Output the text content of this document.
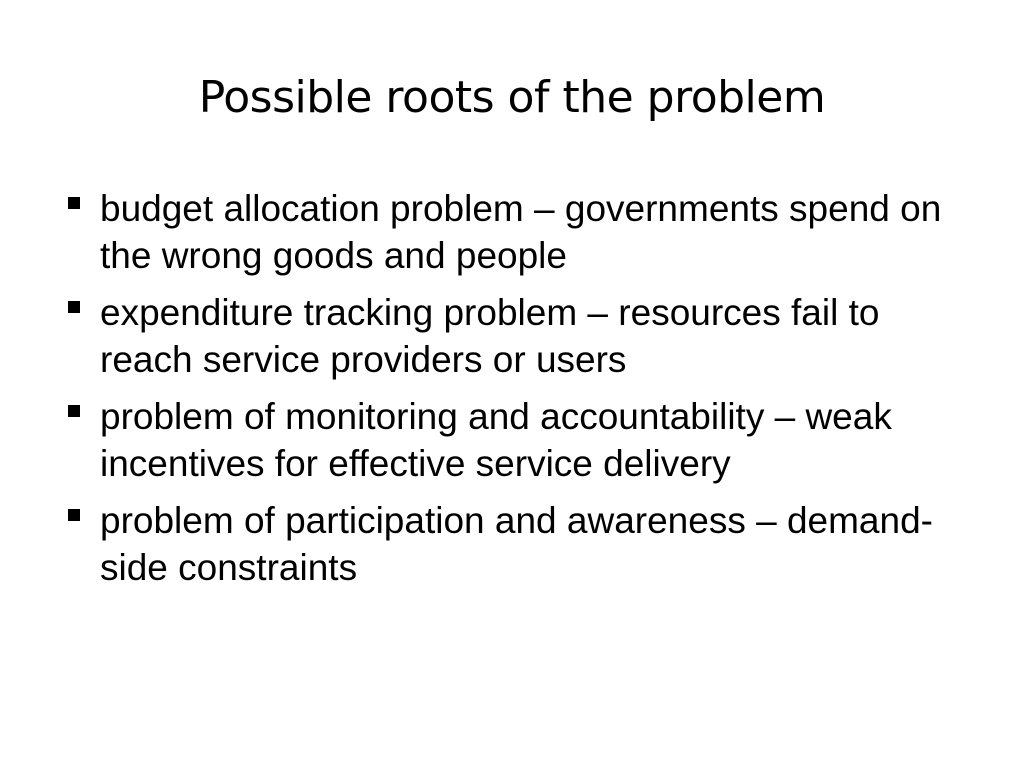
Possible roots of the problem
budget allocation problem – governments spend on the wrong goods and people
expenditure tracking problem – resources fail to reach service providers or users
problem of monitoring and accountability – weak incentives for effective service delivery
problem of participation and awareness – demand-side constraints
